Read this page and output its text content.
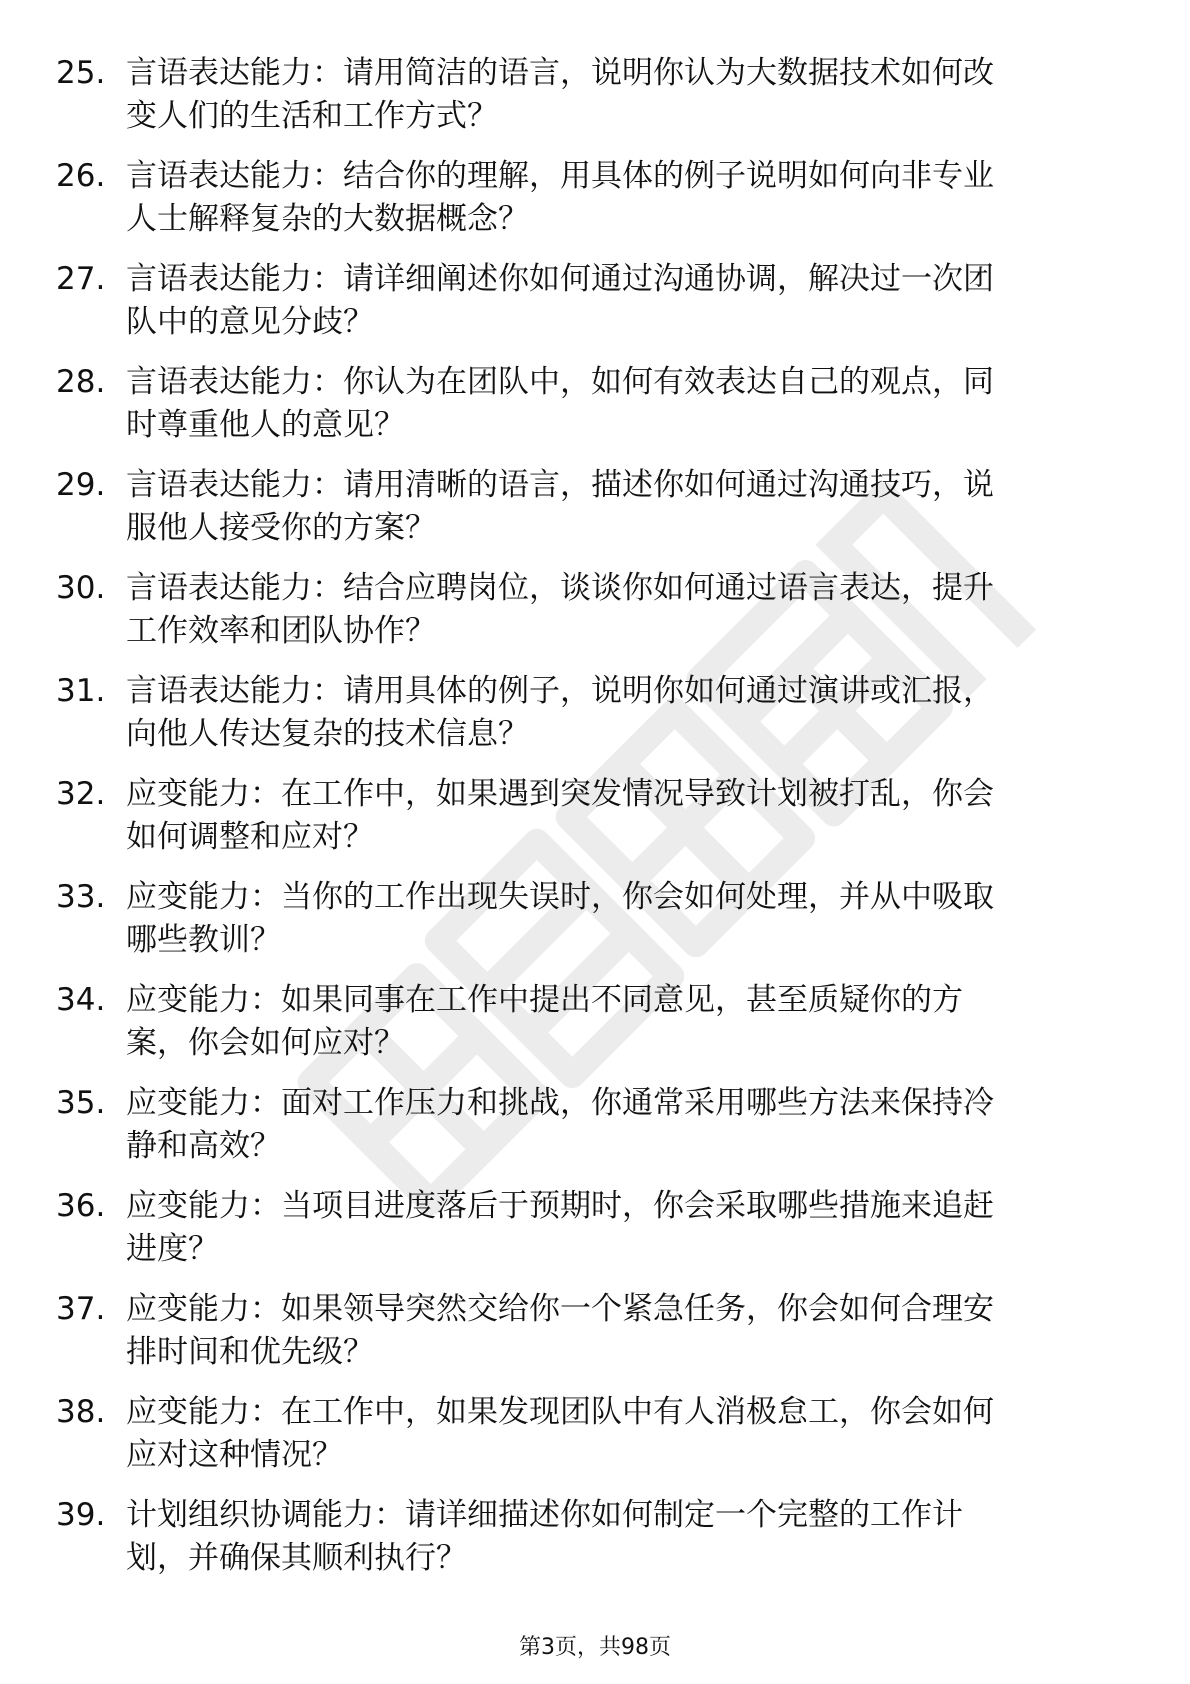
25. 言语表达能力：请用简洁的语言，说明你认为大数据技术如何改
变人们的生活和工作方式？
26. 言语表达能力：结合你的理解，用具体的例子说明如何向非专业
人士解释复杂的大数据概念？
27. 言语表达能力：请详细阐述你如何通过沟通协调，解决过一次团
队中的意见分歧？
28. 言语表达能力：你认为在团队中，如何有效表达自己的观点，同
时尊重他人的意见？
29. 言语表达能力：请用清晰的语言，描述你如何通过沟通技巧，说
服他人接受你的方案？
30. 言语表达能力：结合应聘岗位，谈谈你如何通过语言表达，提升
工作效率和团队协作？
31. 言语表达能力：请用具体的例子，说明你如何通过演讲或汇报，
向他人传达复杂的技术信息？
32. 应变能力：在工作中，如果遇到突发情况导致计划被打乱，你会
如何调整和应对？
33. 应变能力：当你的工作出现失误时，你会如何处理，并从中吸取
哪些教训？
34. 应变能力：如果同事在工作中提出不同意见，甚至质疑你的方
案，你会如何应对？
35. 应变能力：面对工作压力和挑战，你通常采用哪些方法来保持冷
静和高效？
36. 应变能力：当项目进度落后于预期时，你会采取哪些措施来追赶
进度？
37. 应变能力：如果领导突然交给你一个紧急任务，你会如何合理安
排时间和优先级？
38. 应变能力：在工作中，如果发现团队中有人消极怠工，你会如何
应对这种情况？
39. 计划组织协调能力：请详细描述你如何制定一个完整的工作计
划，并确保其顺利执行？
第3页，共98页
